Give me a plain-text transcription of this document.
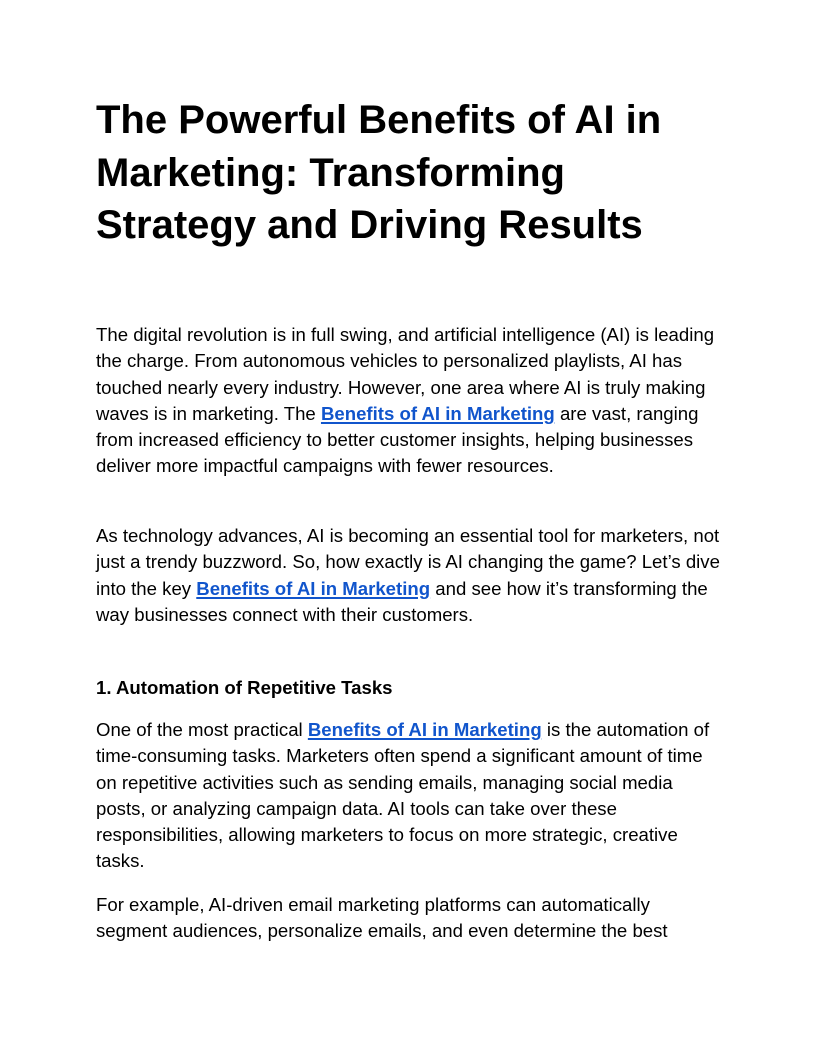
The Powerful Benefits of AI in Marketing: Transforming Strategy and Driving Results

The digital revolution is in full swing, and artificial intelligence (AI) is leading the charge. From autonomous vehicles to personalized playlists, AI has touched nearly every industry. However, one area where AI is truly making waves is in marketing. The Benefits of AI in Marketing are vast, ranging from increased efficiency to better customer insights, helping businesses deliver more impactful campaigns with fewer resources.

As technology advances, AI is becoming an essential tool for marketers, not just a trendy buzzword. So, how exactly is AI changing the game? Let’s dive into the key Benefits of AI in Marketing and see how it’s transforming the way businesses connect with their customers.

1. Automation of Repetitive Tasks

One of the most practical Benefits of AI in Marketing is the automation of time-consuming tasks. Marketers often spend a significant amount of time on repetitive activities such as sending emails, managing social media posts, or analyzing campaign data. AI tools can take over these responsibilities, allowing marketers to focus on more strategic, creative tasks.

For example, AI-driven email marketing platforms can automatically segment audiences, personalize emails, and even determine the best
